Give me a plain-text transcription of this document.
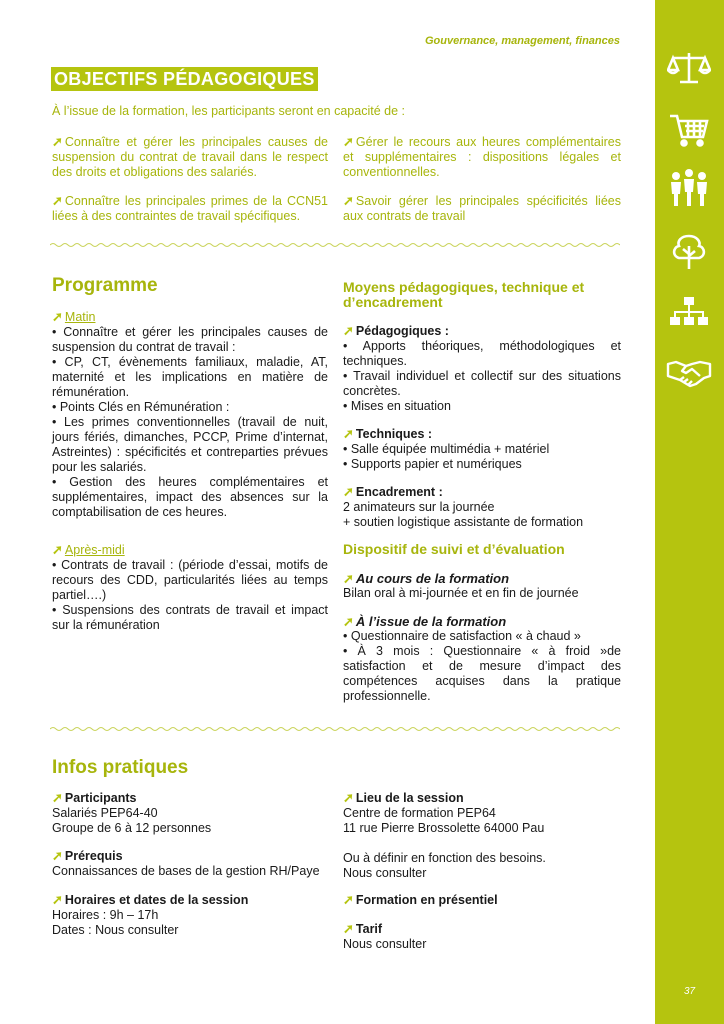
37
Gouvernance, management, finances
OBJECTIFS PÉDAGOGIQUES
À l’issue de la formation, les participants seront en capacité de :
➚ Connaître et gérer les principales causes de suspension du contrat de travail dans le respect des droits et obligations des salariés.
➚ Connaître les principales primes de la CCN51 liées à des contraintes de travail spécifiques.
➚ Gérer le recours aux heures complémentaires et supplémentaires : dispositions légales et conventionnelles.
➚ Savoir gérer les principales spécificités liées aux contrats de travail
Programme

➚ Matin

• Connaître et gérer les principales causes de suspension du contrat de travail :

• CP, CT, évènements familiaux, maladie, AT, maternité et les implications en matière de rémunération.

• Points Clés en Rémunération :

• Les primes conventionnelles (travail de nuit, jours fériés, dimanches, PCCP, Prime d’internat, Astreintes) : spécificités et contreparties prévues pour les salariés.

• Gestion des heures complémentaires et supplémentaires, impact des absences sur la comptabilisation de ces heures.

➚ Après-midi

• Contrats de travail : (période d’essai, motifs de recours des CDD, particularités liées au temps partiel….)

• Suspensions des contrats de travail et impact sur la rémunération

Moyens pédagogiques, technique et d’encadrement

➚ Pédagogiques :

• Apports théoriques, méthodologiques et techniques.

• Travail individuel et collectif sur des situations concrètes.

• Mises en situation

➚ Techniques :

• Salle équipée multimédia + matériel

• Supports papier et numériques

➚ Encadrement :

2 animateurs sur la journée

+ soutien logistique assistante de formation

Dispositif de suivi et d’évaluation

➚ Au cours de la formation

Bilan oral à mi-journée et en fin de journée

➚ À l’issue de la formation

• Questionnaire de satisfaction « à chaud »

• À 3 mois : Questionnaire « à froid »de satisfaction et de mesure d’impact des compétences acquises dans la pratique professionnelle.

Infos pratiques

➚ Participants

Salariés PEP64-40

Groupe de 6 à 12 personnes

➚ Prérequis

Connaissances de bases de la gestion RH/Paye

➚ Horaires et dates de la session

Horaires : 9h – 17h

Dates : Nous consulter

➚ Lieu de la session

Centre de formation PEP64

11 rue Pierre Brossolette 64000 Pau

Ou à définir en fonction des besoins.

Nous consulter

➚ Formation en présentiel

➚ Tarif

Nous consulter
